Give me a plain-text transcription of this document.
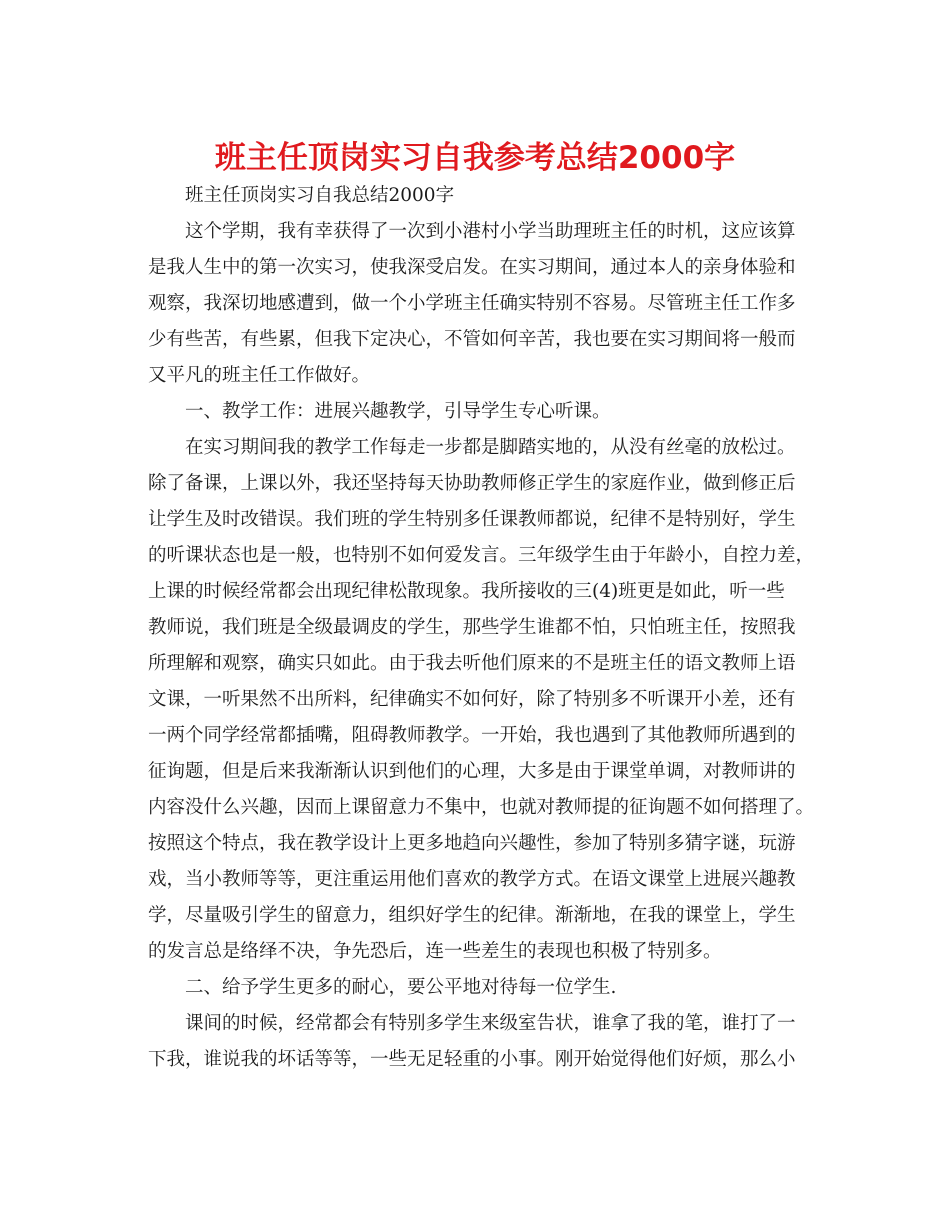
班主任顶岗实习自我参考总结2000字
班主任顶岗实习自我总结2000字
这个学期，我有幸获得了一次到小港村小学当助理班主任的时机，这应该算
是我人生中的第一次实习，使我深受启发。在实习期间，通过本人的亲身体验和
观察，我深切地感遭到，做一个小学班主任确实特别不容易。尽管班主任工作多
少有些苦，有些累，但我下定决心，不管如何辛苦，我也要在实习期间将一般而
又平凡的班主任工作做好。
一、教学工作：进展兴趣教学，引导学生专心听课。
在实习期间我的教学工作每走一步都是脚踏实地的，从没有丝毫的放松过。
除了备课，上课以外，我还坚持每天协助教师修正学生的家庭作业，做到修正后
让学生及时改错误。我们班的学生特别多任课教师都说，纪律不是特别好，学生
的听课状态也是一般，也特别不如何爱发言。三年级学生由于年龄小，自控力差，
上课的时候经常都会出现纪律松散现象。我所接收的三(4)班更是如此，听一些
教师说，我们班是全级最调皮的学生，那些学生谁都不怕，只怕班主任，按照我
所理解和观察，确实只如此。由于我去听他们原来的不是班主任的语文教师上语
文课，一听果然不出所料，纪律确实不如何好，除了特别多不听课开小差，还有
一两个同学经常都插嘴，阻碍教师教学。一开始，我也遇到了其他教师所遇到的
征询题，但是后来我渐渐认识到他们的心理，大多是由于课堂单调，对教师讲的
内容没什么兴趣，因而上课留意力不集中，也就对教师提的征询题不如何搭理了。
按照这个特点，我在教学设计上更多地趋向兴趣性，参加了特别多猜字谜，玩游
戏，当小教师等等，更注重运用他们喜欢的教学方式。在语文课堂上进展兴趣教
学，尽量吸引学生的留意力，组织好学生的纪律。渐渐地，在我的课堂上，学生
的发言总是络绎不决，争先恐后，连一些差生的表现也积极了特别多。
二、给予学生更多的耐心，要公平地对待每一位学生.
课间的时候，经常都会有特别多学生来级室告状，谁拿了我的笔，谁打了一
下我，谁说我的坏话等等，一些无足轻重的小事。刚开始觉得他们好烦，那么小
